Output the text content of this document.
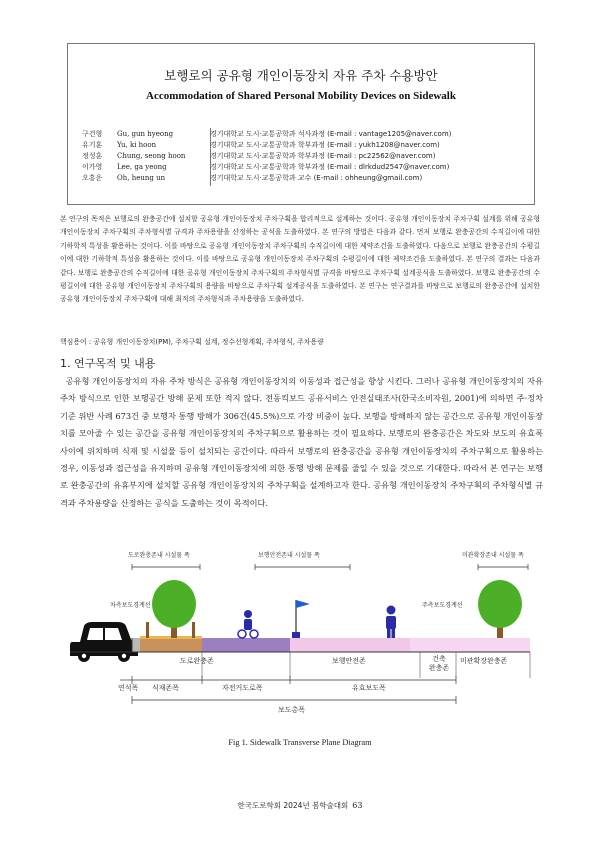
보행로의 공유형 개인이동장치 자유 주차 수용방안
Accommodation of Shared Personal Mobility Devices on Sidewalk
구건형	Gu, gun hyeong	경기대학교 도시·교통공학과 석사과정 (E-mail : vantage1205@naver.com)
유기훈	Yu, ki hoon	경기대학교 도시·교통공학과 학부과정 (E-mail : yukh1208@naver.com)
정성훈	Chung, seong hoon	경기대학교 도시·교통공학과 학부과정 (E-mail : pc22562@naver.com)
이가영	Lee, ga yeong	경기대학교 도시·교통공학과 학부과정 (E-mail : dlrkdud2547@naver.com)
오흥운	Oh, heung un	경기대학교 도시·교통공학과 교수 (E-mail : ohheung@gmail.com)
본 연구의 목적은 보행로의 완충공간에 설치할 공유형 개인이동장치 주차구획을 합리적으로 설계하는 것이다. 공유형 개인이동장치 주차구획 설계를 위해 공유형 개인이동장치 주차구획의 주차형식별 규격과 주차용량을 산정하는 공식을 도출하였다. 본 연구의 방법은 다음과 같다. 먼저 보행로 완충공간의 수직길이에 대한 기하학적 특성을 활용하는 것이다. 이를 바탕으로 공유형 개인이동장치 주차구획의 수직길이에 대한 제약조건을 도출하였다. 다음으로 보행로 완충공간의 수평길이에 대한 기하학적 특성을 활용하는 것이다. 이를 바탕으로 공유형 개인이동장치 주차구획의 수평길이에 대한 제약조건을 도출하였다. 본 연구의 결과는 다음과 같다. 보행로 완충공간의 수직길이에 대한 공유형 개인이동장치 주차구획의 주차형식별 규격을 바탕으로 주차구획 설계공식을 도출하였다. 보행로 완충공간의 수평길이에 대한 공유형 개인이동장치 주차구획의 용량을 바탕으로 주차구획 설계공식을 도출하였다. 본 연구는 연구결과를 바탕으로 보행로의 완충공간에 설치한 공유형 개인이동장치 주차구획에 대해 최적의 주차형식과 주차용량을 도출하였다.
핵심용어 : 공유형 개인이동장치(PM), 주차구획 설계, 정수선형계획, 주차형식, 주차용량
1. 연구목적 및 내용
공유형 개인이동장치의 자유 주차 방식은 공유형 개인이동장치의 이동성과 접근성을 향상 시킨다. 그러나 공유형 개인이동장치의 자유 주차 방식으로 인한 보행공간 방해 문제 또한 적지 않다. 전동킥보드 공유서비스 안전실태조사(한국소비자원, 2001)에 의하면 주·정차 기준 위반 사례 673건 중 보행자 통행 방해가 306건(45.5%)으로 가장 비중이 높다. 보행을 방해하지 않는 공간으로 공유형 개인이동장치를 모아줄 수 있는 공간을 공유형 개인이동장치의 주차구획으로 활용하는 것이 필요하다. 보행로의 완충공간은 차도와 보도의 유효폭 사이에 위치하며 식재 및 시설물 등이 설치되는 공간이다. 따라서 보행로의 완충공간을 공유형 개인이동장치의 주차구획으로 활용하는 경우, 이동성과 접근성을 유지하며 공유형 개인이동장치에 의한 통행 방해 문제를 줄일 수 있을 것으로 기대한다. 따라서 본 연구는 보행로 완충공간의 유휴부지에 설치할 공유형 개인이동장치의 주차구획을 설계하고자 한다. 공유형 개인이동장치 주차구획의 주차형식별 규격과 주차용량을 산정하는 공식을 도출하는 것이 목적이다.
도로완충존내 시설물 폭	보행안전존내 시설물 폭	미관확장존내 시설물 폭
차측보도경계선	주측보도경계선
도로완충존	보행안전존	건축
완충존
미관확장완충존
연석폭 식재존폭	자전거도로폭	유효보도폭
보도총폭
Fig 1. Sidewalk Transverse Plane Diagram
한국도로학회 2024년 봄학술대회 63
